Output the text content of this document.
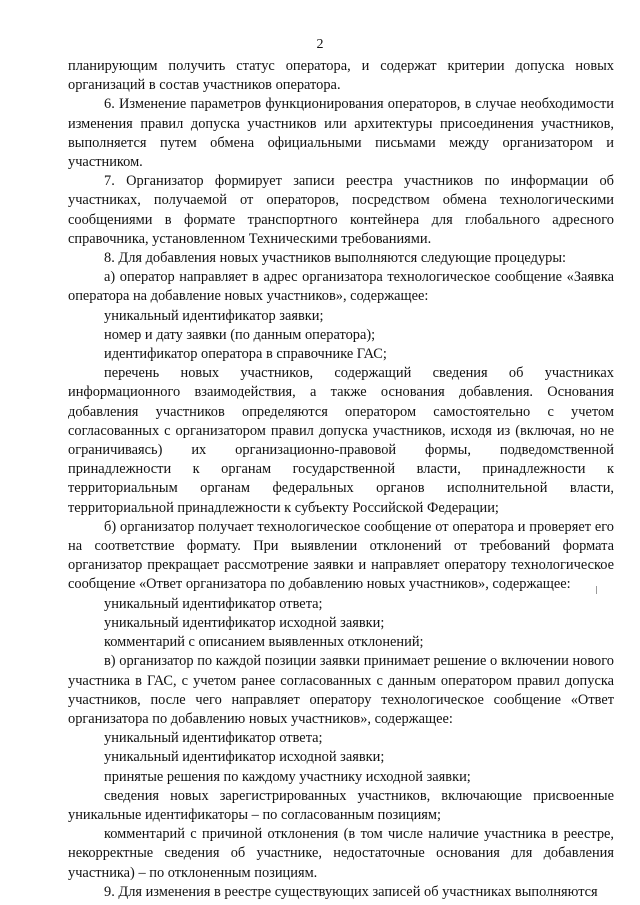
2

планирующим получить статус оператора, и содержат критерии допуска новых организаций в состав участников оператора.

6. Изменение параметров функционирования операторов, в случае необходимости изменения правил допуска участников или архитектуры присоединения участников, выполняется путем обмена официальными письмами между организатором и участником.

7. Организатор формирует записи реестра участников по информации об участниках, получаемой от операторов, посредством обмена технологическими сообщениями в формате транспортного контейнера для глобального адресного справочника, установленном Техническими требованиями.

8. Для добавления новых участников выполняются следующие процедуры:

а) оператор направляет в адрес организатора технологическое сообщение «Заявка оператора на добавление новых участников», содержащее:

уникальный идентификатор заявки;

номер и дату заявки (по данным оператора);

идентификатор оператора в справочнике ГАС;

перечень новых участников, содержащий сведения об участниках информационного взаимодействия, а также основания добавления. Основания добавления участников определяются оператором самостоятельно с учетом согласованных с организатором правил допуска участников, исходя из (включая, но не ограничиваясь) их организационно-правовой формы, подведомственной принадлежности к органам государственной власти, принадлежности к территориальным органам федеральных органов исполнительной власти, территориальной принадлежности к субъекту Российской Федерации;

б) организатор получает технологическое сообщение от оператора и проверяет его на соответствие формату. При выявлении отклонений от требований формата организатор прекращает рассмотрение заявки и направляет оператору технологическое сообщение «Ответ организатора по добавлению новых участников», содержащее:

уникальный идентификатор ответа;

уникальный идентификатор исходной заявки;

комментарий с описанием выявленных отклонений;

в) организатор по каждой позиции заявки принимает решение о включении нового участника в ГАС, с учетом ранее согласованных с данным оператором правил допуска участников, после чего направляет оператору технологическое сообщение «Ответ организатора по добавлению новых участников», содержащее:

уникальный идентификатор ответа;

уникальный идентификатор исходной заявки;

принятые решения по каждому участнику исходной заявки;

сведения новых зарегистрированных участников, включающие присвоенные уникальные идентификаторы – по согласованным позициям;

комментарий с причиной отклонения (в том числе наличие участника в реестре, некорректные сведения об участнике, недостаточные основания для добавления участника) – по отклоненным позициям.

9. Для изменения в реестре существующих записей об участниках выполняются
